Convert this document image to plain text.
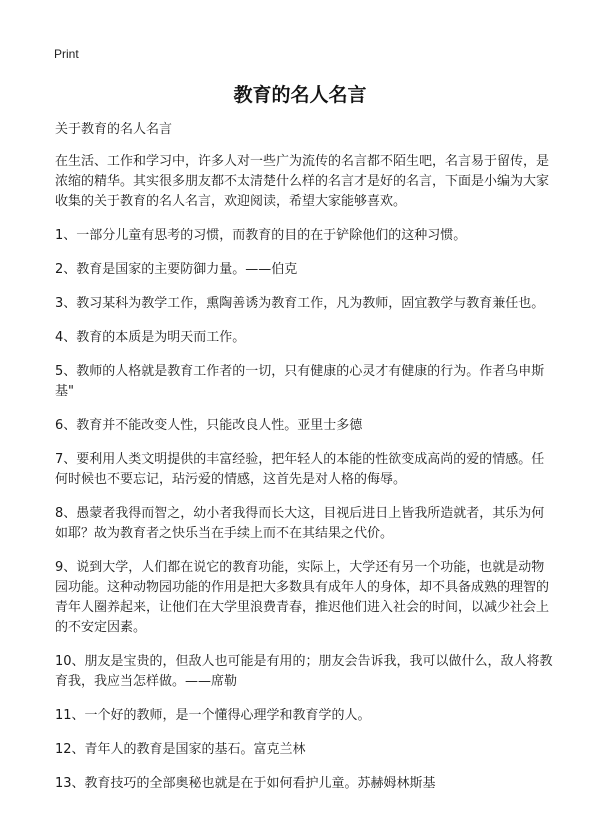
Print
教育的名人名言

关于教育的名人名言

在生活、工作和学习中，许多人对一些广为流传的名言都不陌生吧，名言易于留传，是浓缩的精华。其实很多朋友都不太清楚什么样的名言才是好的名言，下面是小编为大家收集的关于教育的名人名言，欢迎阅读，希望大家能够喜欢。

1、一部分儿童有思考的习惯，而教育的目的在于铲除他们的这种习惯。

2、教育是国家的主要防御力量。——伯克

3、教习某科为教学工作，熏陶善诱为教育工作，凡为教师，固宜教学与教育兼任也。

4、教育的本质是为明天而工作。

5、教师的人格就是教育工作者的一切，只有健康的心灵才有健康的行为。作者乌申斯基"

6、教育并不能改变人性，只能改良人性。亚里士多德

7、要利用人类文明提供的丰富经验，把年轻人的本能的性欲变成高尚的爱的情感。任何时候也不要忘记，玷污爱的情感，这首先是对人格的侮辱。

8、愚蒙者我得而智之，幼小者我得而长大这，目视后进日上皆我所造就者，其乐为何如耶？故为教育者之快乐当在手续上而不在其结果之代价。

9、说到大学，人们都在说它的教育功能，实际上，大学还有另一个功能，也就是动物园功能。这种动物园功能的作用是把大多数具有成年人的身体，却不具备成熟的理智的青年人圈养起来，让他们在大学里浪费青春，推迟他们进入社会的时间，以减少社会上的不安定因素。

10、朋友是宝贵的，但敌人也可能是有用的；朋友会告诉我，我可以做什么，敌人将教育我，我应当怎样做。——席勒

11、一个好的教师，是一个懂得心理学和教育学的人。

12、青年人的教育是国家的基石。富克兰林

13、教育技巧的全部奥秘也就是在于如何看护儿童。苏赫姆林斯基
